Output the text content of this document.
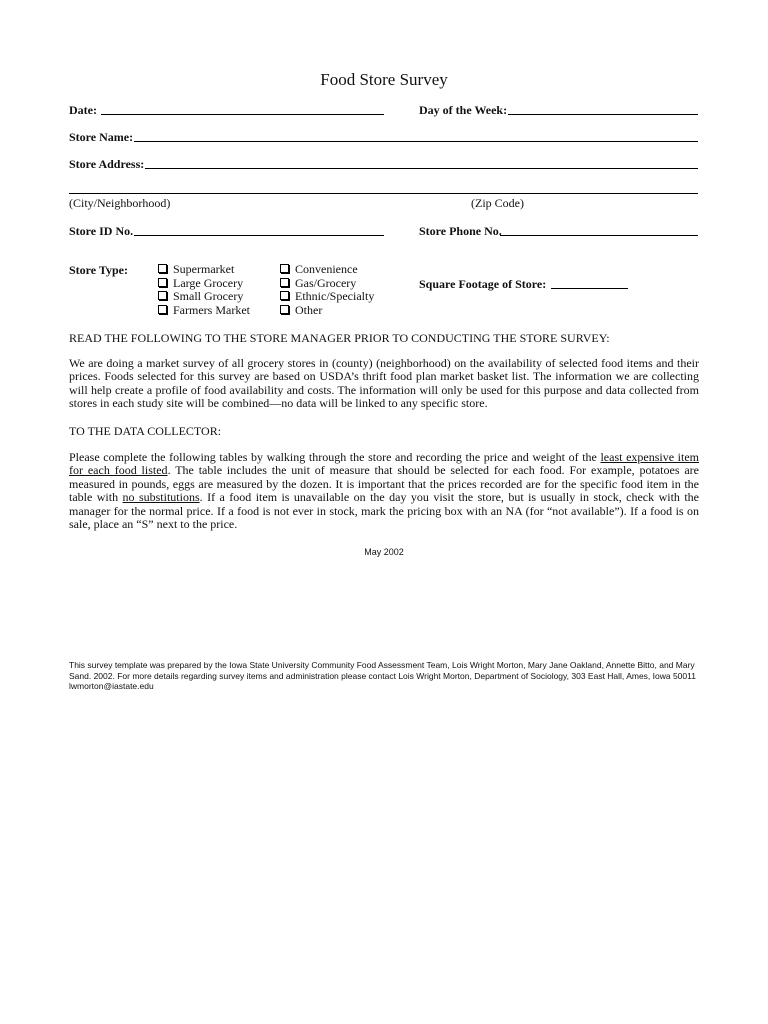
Food Store Survey
Date:	Day of the Week:
Store Name:
Store Address:
(City/Neighborhood)	(Zip Code)
Store ID No.	Store Phone No.
Store Type:	Supermarket
Large Grocery
Small Grocery
Farmers Market
Convenience
Gas/Grocery
Ethnic/Specialty
Other
Square Footage of Store:
READ THE FOLLOWING TO THE STORE MANAGER PRIOR TO CONDUCTING THE STORE SURVEY:
We are doing a market survey of all grocery stores in (county) (neighborhood) on the availability of selected food items and their prices. Foods selected for this survey are based on USDA’s thrift food plan market basket list. The information we are collecting will help create a profile of food availability and costs. The information will only be used for this purpose and data collected from stores in each study site will be combined—no data will be linked to any specific store.
TO THE DATA COLLECTOR:
Please complete the following tables by walking through the store and recording the price and weight of the least expensive item for each food listed. The table includes the unit of measure that should be selected for each food. For example, potatoes are measured in pounds, eggs are measured by the dozen. It is important that the prices recorded are for the specific food item in the table with no substitutions. If a food item is unavailable on the day you visit the store, but is usually in stock, check with the manager for the normal price. If a food is not ever in stock, mark the pricing box with an NA (for “not available”). If a food is on sale, place an “S” next to the price.
May 2002
This survey template was prepared by the Iowa State University Community Food Assessment Team, Lois Wright Morton, Mary Jane Oakland, Annette Bitto, and Mary Sand. 2002. For more details regarding survey items and administration please contact Lois Wright Morton, Department of Sociology, 303 East Hall, Ames, Iowa 50011 lwmorton@iastate.edu
